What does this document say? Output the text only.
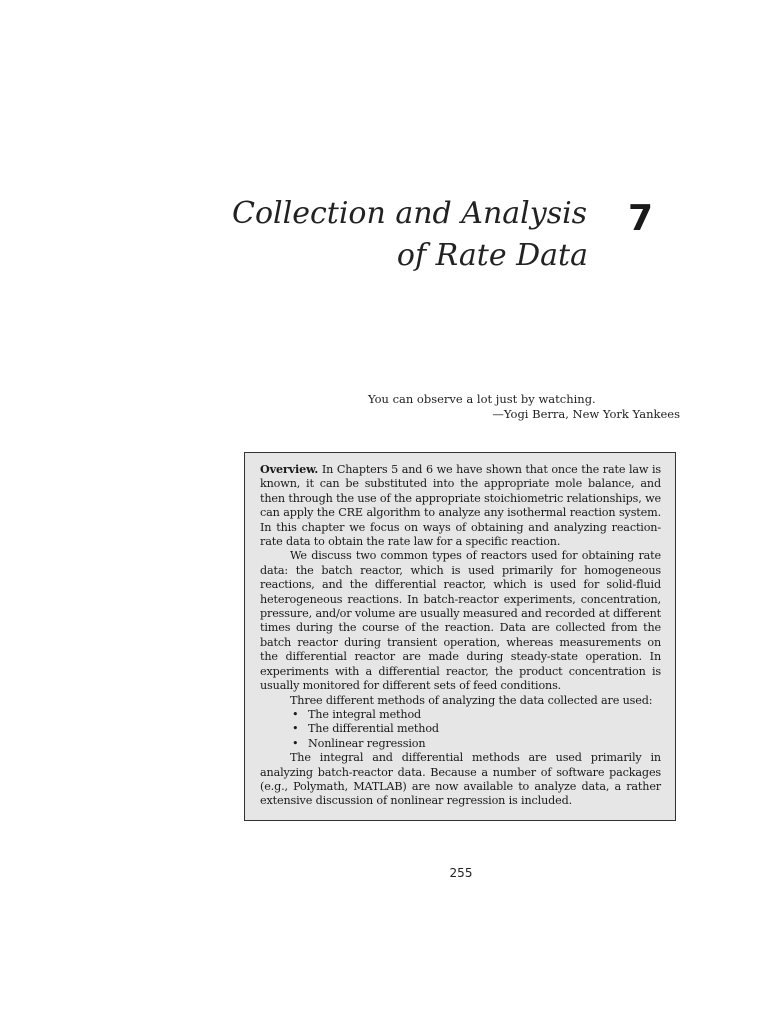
Collection and Analysis
of Rate Data
7
You can observe a lot just by watching.
—Yogi Berra, New York Yankees

Overview. In Chapters 5 and 6 we have shown that once the rate law is known, it can be substituted into the appropriate mole balance, and then through the use of the appropriate stoichiometric relationships, we can apply the CRE algorithm to analyze any isothermal reaction system. In this chapter we focus on ways of obtaining and analyzing reaction-rate data to obtain the rate law for a specific reaction.

We discuss two common types of reactors used for obtaining rate data: the batch reactor, which is used primarily for homogeneous reactions, and the differential reactor, which is used for solid-fluid heterogeneous reactions. In batch-reactor experiments, concentration, pressure, and/or volume are usually measured and recorded at different times during the course of the reaction. Data are collected from the batch reactor during transient operation, whereas measurements on the differential reactor are made during steady-state operation. In experiments with a differential reactor, the product concentration is usually monitored for different sets of feed conditions.

Three different methods of analyzing the data collected are used:

• The integral method
• The differential method
• Nonlinear regression

The integral and differential methods are used primarily in analyzing batch-reactor data. Because a number of software packages (e.g., Polymath, MATLAB) are now available to analyze data, a rather extensive discussion of nonlinear regression is included.

255
